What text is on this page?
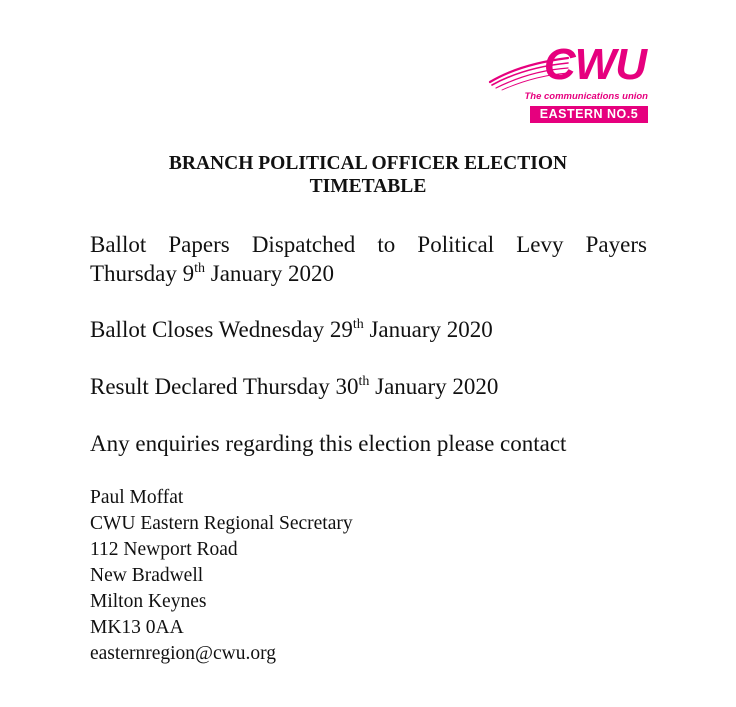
CWU
The communications union
EASTERN NO.5
BRANCH POLITICAL OFFICER ELECTION
TIMETABLE
Ballot Papers Dispatched to Political Levy Payers

Thursday 9th January 2020

Ballot Closes Wednesday 29th January 2020

Result Declared Thursday 30th January 2020

Any enquiries regarding this election please contact

Paul Moffat
CWU Eastern Regional Secretary
112 Newport Road
New Bradwell
Milton Keynes
MK13 0AA
easternregion@cwu.org
